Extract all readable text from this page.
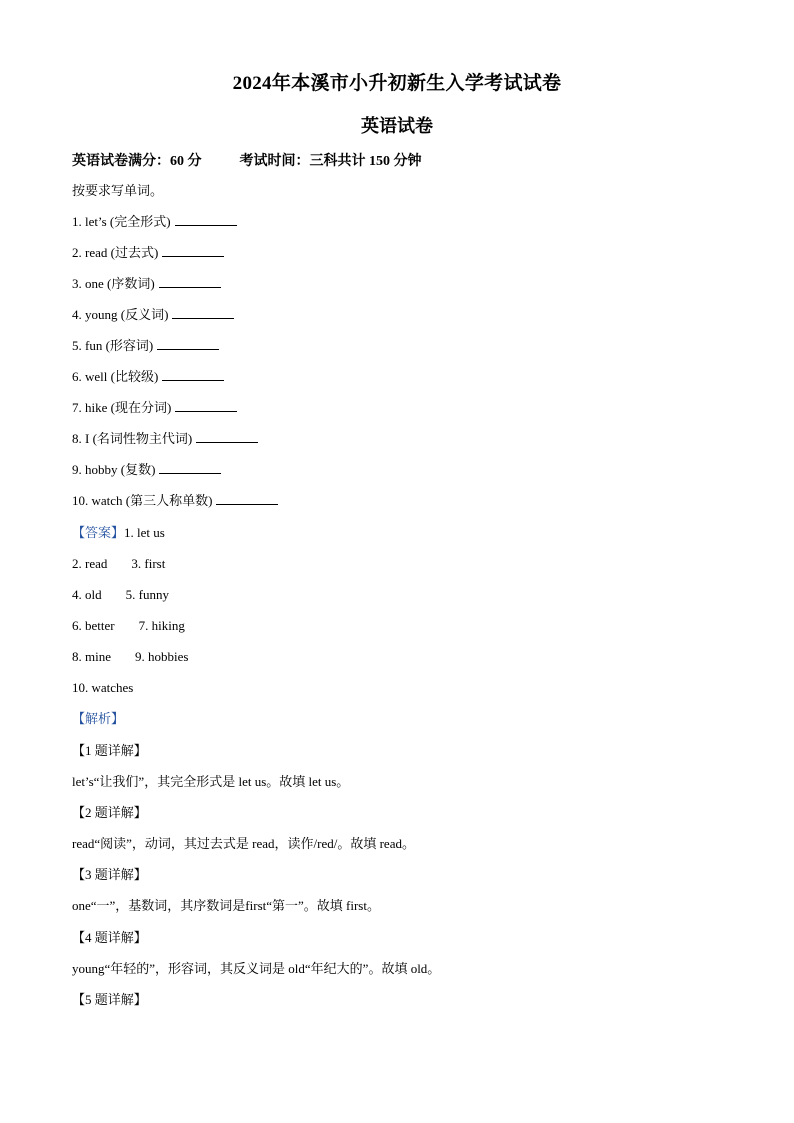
2024年本溪市小升初新生入学考试试卷
英语试卷
英语试卷满分：60 分	考试时间：三科共计 150 分钟
按要求写单词。
1. let’s (完全形式)
2. read (过去式)
3. one (序数词)
4. young (反义词)
5. fun (形容词)
6. well (比较级)
7. hike (现在分词)
8. I (名词性物主代词)
9. hobby (复数)
10. watch (第三人称单数)
【答案】1. let us
2. read 3. first
4. old 5. funny
6. better 7. hiking
8. mine 9. hobbies
10. watches
【解析】
【1 题详解】
let’s“让我们”，其完全形式是 let us。故填 let us。
【2 题详解】
read“阅读”，动词，其过去式是 read，读作/red/。故填 read。
【3 题详解】
one“一”，基数词，其序数词是first“第一”。故填 first。
【4 题详解】
young“年轻的”，形容词，其反义词是 old“年纪大的”。故填 old。
【5 题详解】
